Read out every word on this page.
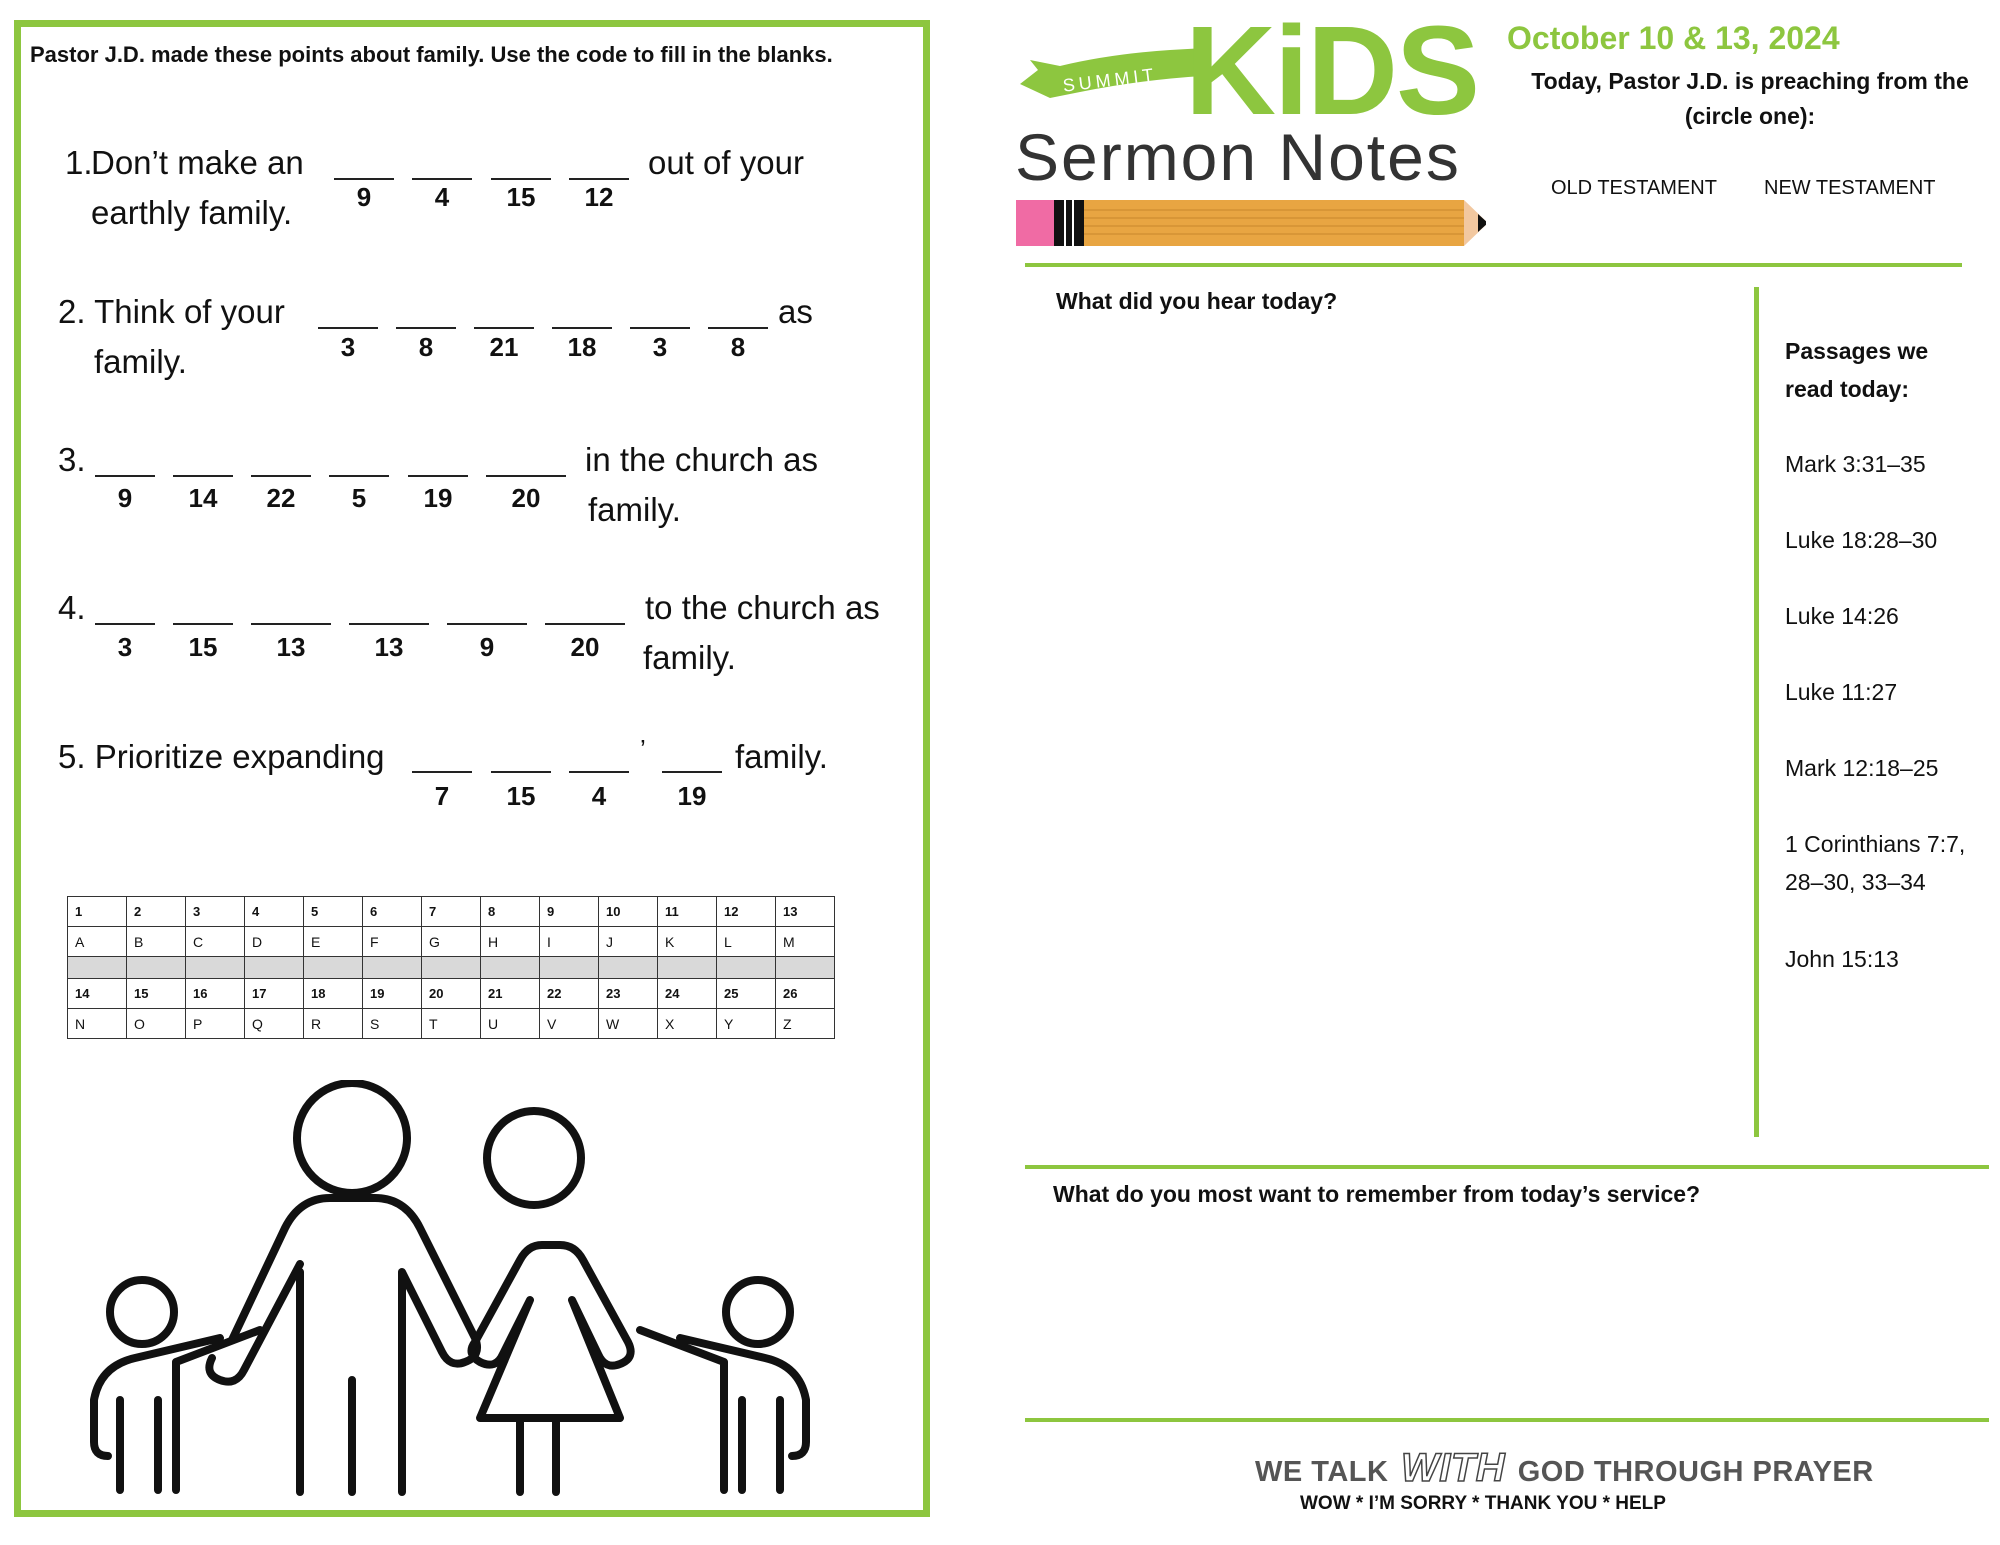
Pastor J.D. made these points about family. Use the code to fill in the blanks.
1.
Don’t make an	out of your
earthly family.	9	4	15 12
2. Think of your	as
family.	3	8	21 18	3	8
3.	in the church as
family.
9	14 22	5	19 20
4.	to the church as
family.
3	15 13	13	9	20
5. Prioritize expanding	’	family.
7	15	4	19
1	2	3	4	5	6	7	8	9	10	11	12	13
A	B	C	D	E	F	G	H	I	J	K	L	M

14	15	16	17	18	19	20	21	22	23	24	25	26
N	O	P	Q	R	S	T	U	V	W	X	Y	Z
SUMMIT KiDS
Sermon Notes
October 10 & 13, 2024
Today, Pastor J.D. is preaching from the (circle one):
OLD TESTAMENT NEW TESTAMENT
What did you hear today?
What do you most want to remember from today’s service?
Passages we read today:
Mark 3:31–35
Luke 18:28–30
Luke 14:26
Luke 11:27
Mark 12:18–25
1 Corinthians 7:7, 28–30, 33–34
John 15:13
WE TALK WITH GOD THROUGH PRAYER
WOW * I’M SORRY * THANK YOU * HELP
